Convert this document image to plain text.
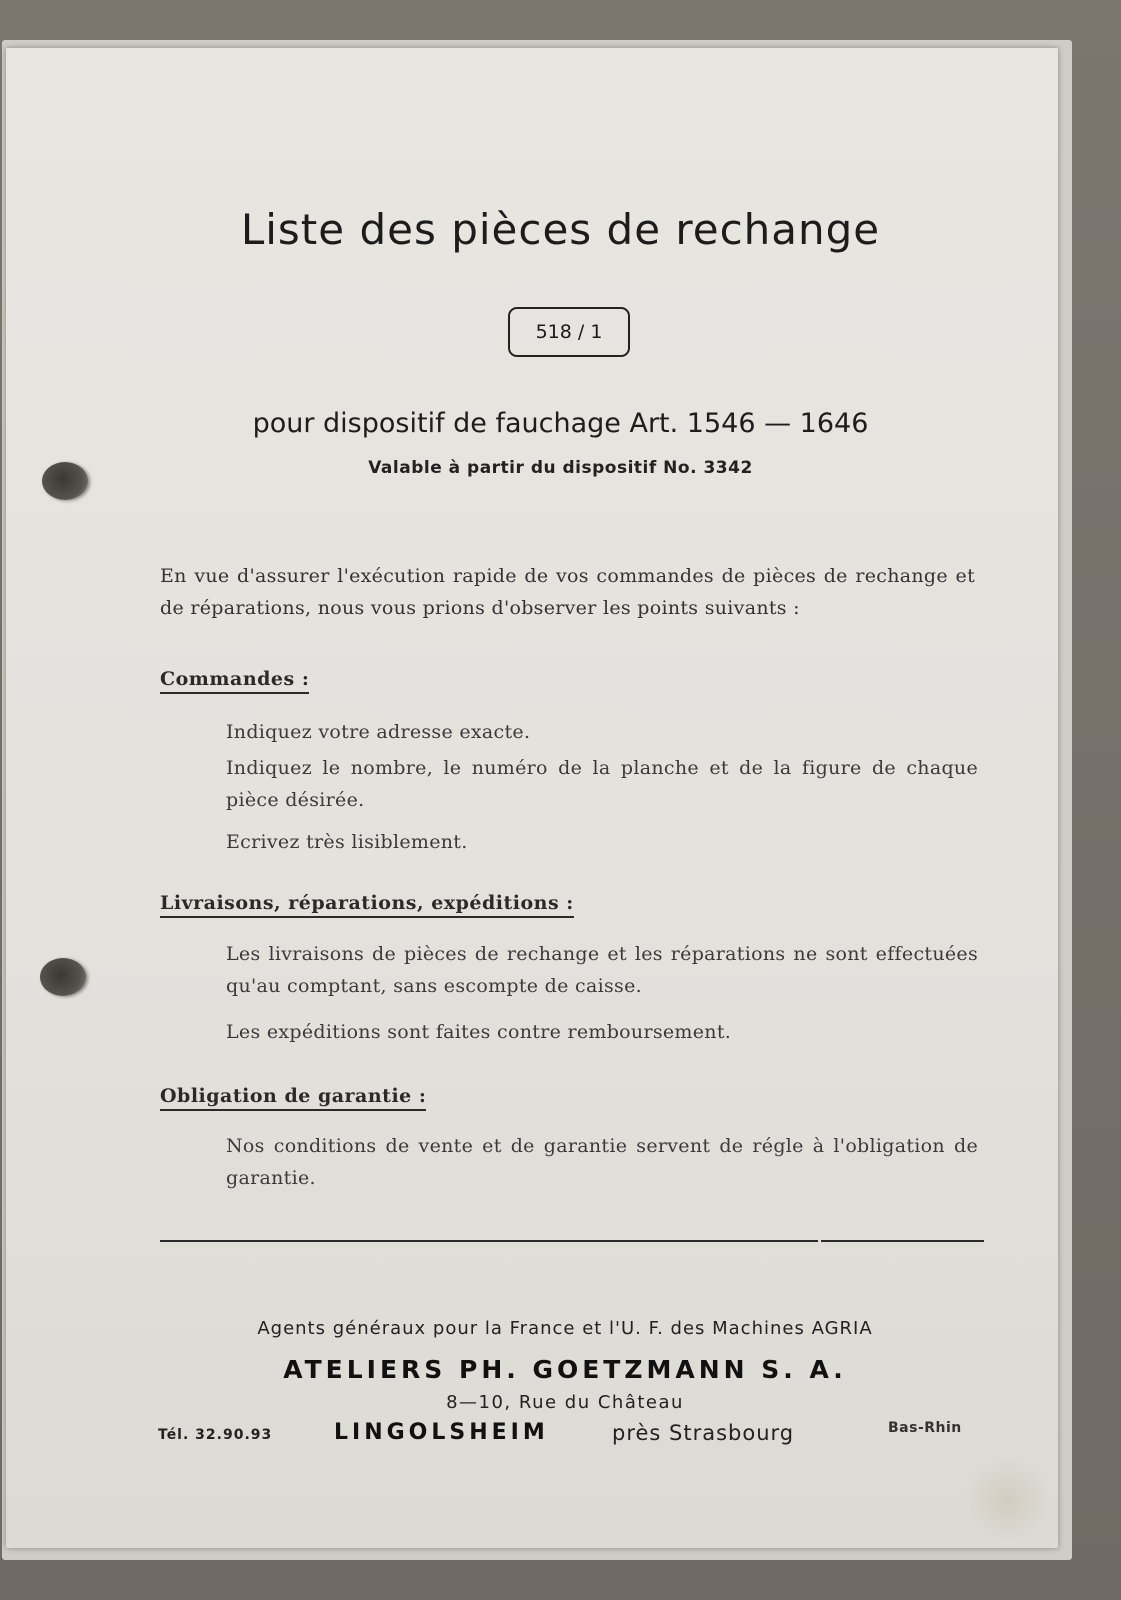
Liste des pièces de rechange
518 / 1
pour dispositif de fauchage Art. 1546 — 1646
Valable à partir du dispositif No. 3342
En vue d'assurer l'exécution rapide de vos commandes de pièces de rechange et de réparations, nous vous prions d'observer les points suivants :
Commandes :
Indiquez votre adresse exacte.
Indiquez le nombre, le numéro de la planche et de la figure de chaque pièce désirée.
Ecrivez très lisiblement.
Livraisons, réparations, expéditions :
Les livraisons de pièces de rechange et les réparations ne sont effectuées qu'au comptant, sans escompte de caisse.
Les expéditions sont faites contre remboursement.
Obligation de garantie :
Nos conditions de vente et de garantie servent de régle à l'obligation de garantie.
Agents généraux pour la France et l'U. F. des Machines AGRIA
ATELIERS PH. GOETZMANN S. A.
8—10, Rue du Château
Tél. 32.90.93	LINGOLSHEIM	près Strasbourg	Bas-Rhin
